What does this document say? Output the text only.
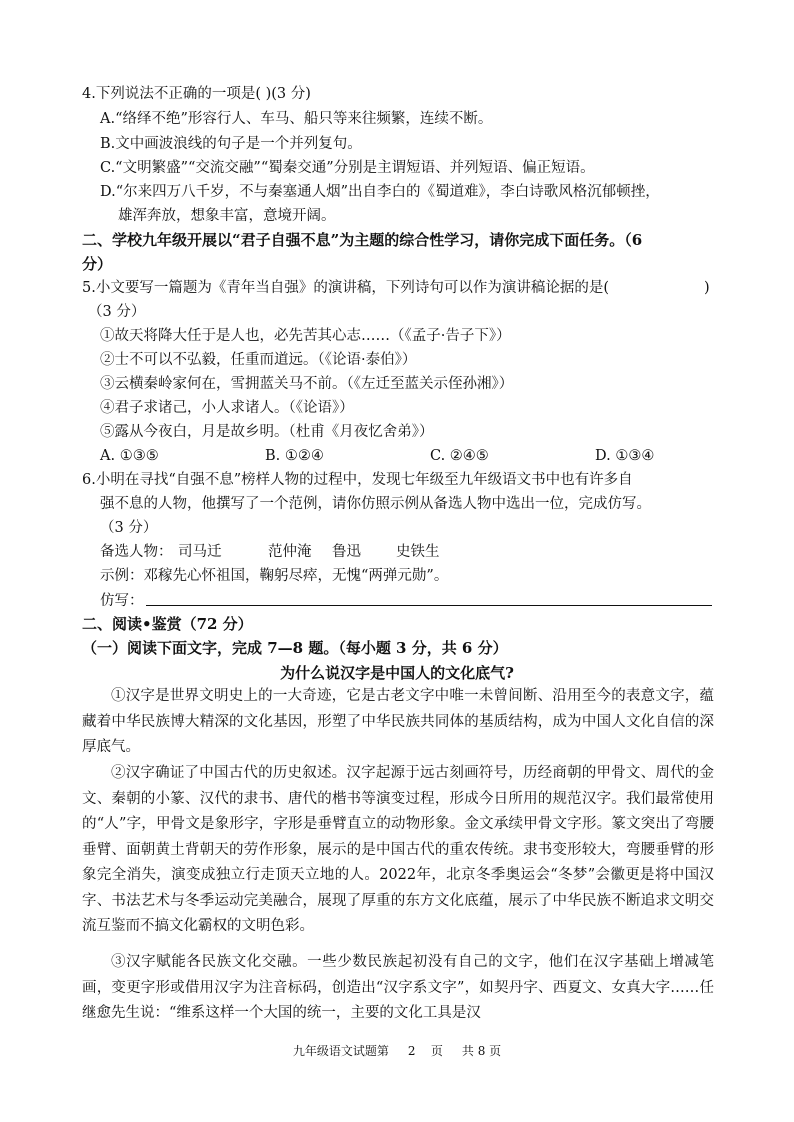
4.下列说法不正确的一项是( )(3 分)
A.“络绎不绝”形容行人、车马、船只等来往频繁，连续不断。
B.文中画波浪线的句子是一个并列复句。
C.“文明繁盛”“交流交融”“蜀秦交通”分别是主谓短语、并列短语、偏正短语。
D.“尔来四万八千岁，不与秦塞通人烟”出自李白的《蜀道难》，李白诗歌风格沉郁顿挫，
雄浑奔放，想象丰富，意境开阔。
二、学校九年级开展以“君子自强不息”为主题的综合性学习，请你完成下面任务。（6
分）
5.小文要写一篇题为《青年当自强》的演讲稿，下列诗句可以作为演讲稿论据的是(	)
（3 分）
①故天将降大任于是人也，必先苦其心志……（《孟子·告子下》）
②士不可以不弘毅，任重而道远。（《论语·泰伯》）
③云横秦岭家何在，雪拥蓝关马不前。（《左迁至蓝关示侄孙湘》）
④君子求诸己，小人求诸人。（《论语》）
⑤露从今夜白，月是故乡明。（杜甫《月夜忆舍弟》）
A. ①③⑤	B. ①②④	C. ②④⑤	D. ①③④
6.小明在寻找“自强不息”榜样人物的过程中，发现七年级至九年级语文书中也有许多自
强不息的人物，他撰写了一个范例，请你仿照示例从备选人物中选出一位，完成仿写。
（3 分）
备选人物： 司马迁	范仲淹 鲁迅 史铁生
示例：邓稼先心怀祖国，鞠躬尽瘁，无愧“两弹元勋”。
仿写：
二、阅读•鉴赏（72 分）
（一）阅读下面文字，完成 7—8 题。（每小题 3 分，共 6 分）
为什么说汉字是中国人的文化底气?
①汉字是世界文明史上的一大奇迹，它是古老文字中唯一未曾间断、沿用至今的表意文字，蕴藏着中华民族博大精深的文化基因，形塑了中华民族共同体的基质结构，成为中国人文化自信的深厚底气。
②汉字确证了中国古代的历史叙述。汉字起源于远古刻画符号，历经商朝的甲骨文、周代的金文、秦朝的小篆、汉代的隶书、唐代的楷书等演变过程，形成今日所用的规范汉字。我们最常使用的“人”字，甲骨文是象形字，字形是垂臂直立的动物形象。金文承续甲骨文字形。篆文突出了弯腰垂臂、面朝黄土背朝天的劳作形象，展示的是中国古代的重农传统。隶书变形较大，弯腰垂臂的形象完全消失，演变成独立行走顶天立地的人。2022年，北京冬季奥运会“冬梦”会徽更是将中国汉字、书法艺术与冬季运动完美融合，展现了厚重的东方文化底蕴，展示了中华民族不断追求文明交流互鉴而不搞文化霸权的文明色彩。
③汉字赋能各民族文化交融。一些少数民族起初没有自己的文字，他们在汉字基础上增减笔画，变更字形或借用汉字为注音标码，创造出“汉字系文字”，如契丹字、西夏文、女真大字……任继愈先生说：“维系这样一个大国的统一，主要的文化工具是汉
九年级语文试题第 2 页 共 8 页
